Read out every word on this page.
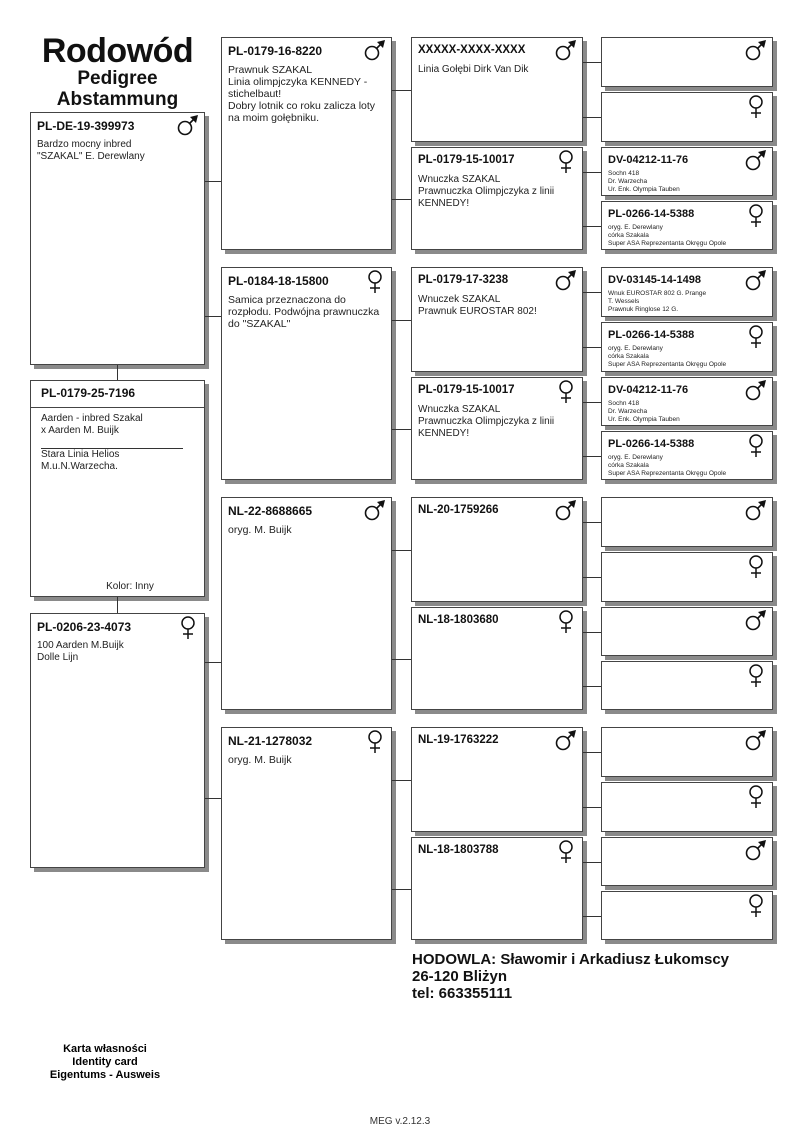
Rodowód
Pedigree
Abstammung
PL-0179-25-7196
Aarden - inbred Szakal
x Aarden M. Buijk
Stara Linia Helios
M.u.N.Warzecha.
Kolor: Inny
HODOWLA: Sławomir i Arkadiusz Łukomscy
26-120 Bliżyn
tel: 663355111
Karta własności
Identity card
Eigentums - Ausweis
MEG v.2.12.3
PL-DE-19-399973
Bardzo mocny inbred
"SZAKAL" E. Derewlany
PL-0206-23-4073
100 Aarden M.Buijk
Dolle Lijn
PL-0179-16-8220
Prawnuk SZAKAL
Linia olimpjczyka KENNEDY -
stichelbaut!
Dobry lotnik co roku zalicza loty
na moim gołębniku.
PL-0184-18-15800
Samica przeznaczona do
rozpłodu. Podwójna prawnuczka
do "SZAKAL"
NL-22-8688665
oryg. M. Buijk
NL-21-1278032
oryg. M. Buijk
XXXXX-XXXX-XXXX
Linia Gołębi Dirk Van Dik
PL-0179-15-10017
Wnuczka SZAKAL
Prawnuczka Olimpjczyka z linii
KENNEDY!
PL-0179-17-3238
Wnuczek SZAKAL
Prawnuk EUROSTAR 802!
PL-0179-15-10017
Wnuczka SZAKAL
Prawnuczka Olimpjczyka z linii
KENNEDY!
NL-20-1759266
NL-18-1803680
NL-19-1763222
NL-18-1803788
DV-04212-11-76
Sochn 418
Dr. Warzecha
Ur. Enk. Olympia Tauben
PL-0266-14-5388
oryg. E. Derewlany
córka Szakala
Super ASA Reprezentanta Okręgu Opole
DV-03145-14-1498
Wnuk EUROSTAR 802 G. Prange
T. Wessels
Prawnuk Ringlose 12 G.
PL-0266-14-5388
oryg. E. Derewlany
córka Szakala
Super ASA Reprezentanta Okręgu Opole
DV-04212-11-76
Sochn 418
Dr. Warzecha
Ur. Enk. Olympia Tauben
PL-0266-14-5388
oryg. E. Derewlany
córka Szakala
Super ASA Reprezentanta Okręgu Opole
